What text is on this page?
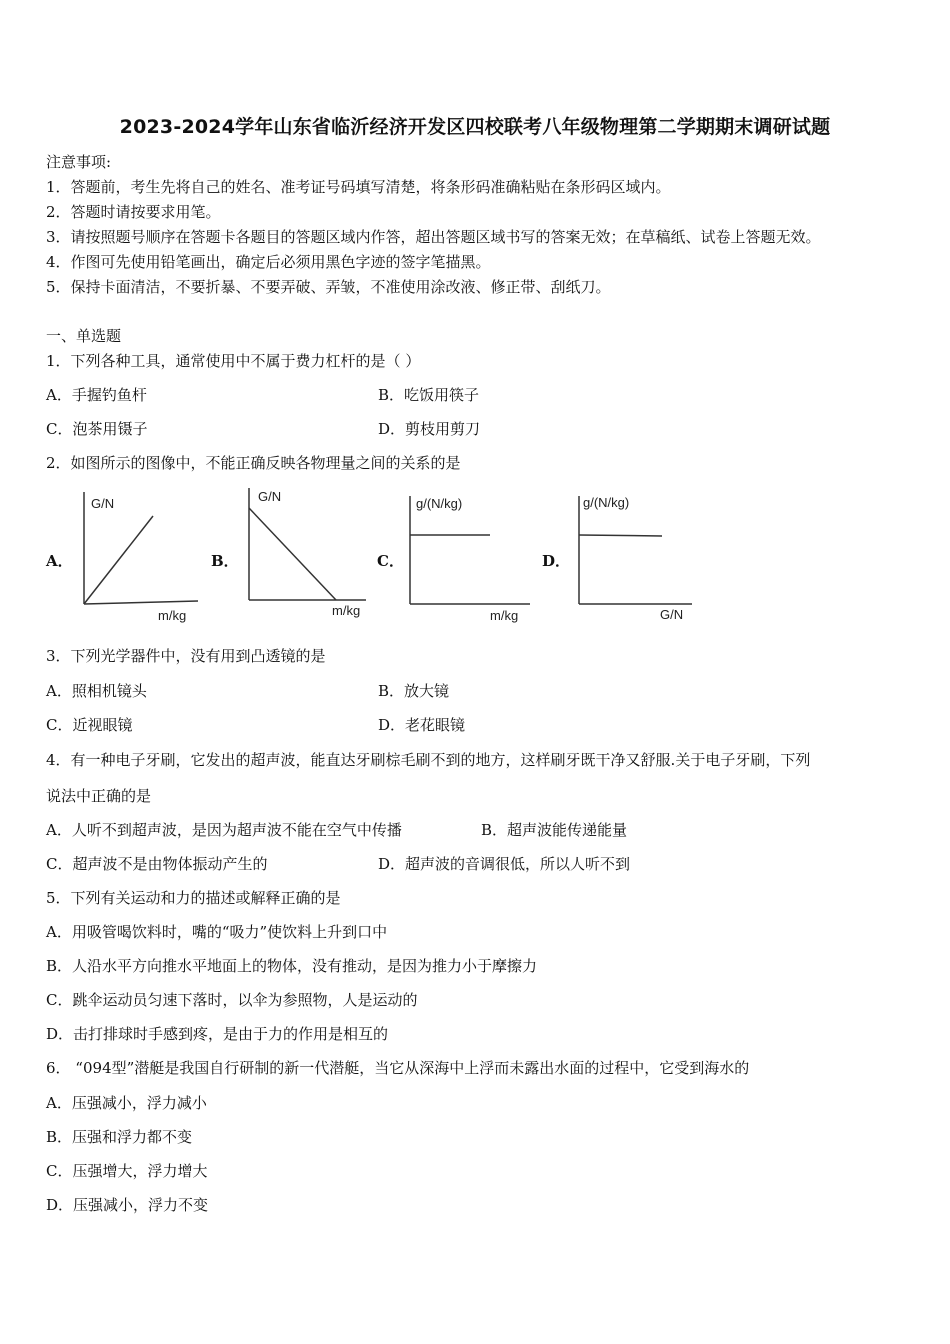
2023-2024学年山东省临沂经济开发区四校联考八年级物理第二学期期末调研试题
注意事项:
1．答题前，考生先将自己的姓名、准考证号码填写清楚，将条形码准确粘贴在条形码区域内。
2．答题时请按要求用笔。
3．请按照题号顺序在答题卡各题目的答题区域内作答，超出答题区域书写的答案无效；在草稿纸、试卷上答题无效。
4．作图可先使用铅笔画出，确定后必须用黑色字迹的签字笔描黑。
5．保持卡面清洁，不要折暴、不要弄破、弄皱，不准使用涂改液、修正带、刮纸刀。
一、单选题
1．下列各种工具，通常使用中不属于费力杠杆的是（ ）
A．手握钓鱼杆	B．吃饭用筷子
C．泡茶用镊子	D．剪枝用剪刀
2．如图所示的图像中，不能正确反映各物理量之间的关系的是
A．	B．	C．	D．
G/N
m/kg
G/N
m/kg
g/(N/kg)
m/kg
g/(N/kg)
G/N
3．下列光学器件中，没有用到凸透镜的是
A．照相机镜头	B．放大镜
C．近视眼镜	D．老花眼镜
4．有一种电子牙刷，它发出的超声波，能直达牙刷棕毛刷不到的地方，这样刷牙既干净又舒服.关于电子牙刷，下列
说法中正确的是
A．人听不到超声波，是因为超声波不能在空气中传播	B．超声波能传递能量
C．超声波不是由物体振动产生的	D．超声波的音调很低，所以人听不到
5．下列有关运动和力的描述或解释正确的是
A．用吸管喝饮料时，嘴的“吸力”使饮料上升到口中
B．人沿水平方向推水平地面上的物体，没有推动，是因为推力小于摩擦力
C．跳伞运动员匀速下落时，以伞为参照物，人是运动的
D．击打排球时手感到疼，是由于力的作用是相互的
6． “094型”潜艇是我国自行研制的新一代潜艇，当它从深海中上浮而未露出水面的过程中，它受到海水的
A．压强减小，浮力减小
B．压强和浮力都不变
C．压强增大，浮力增大
D．压强减小，浮力不变
